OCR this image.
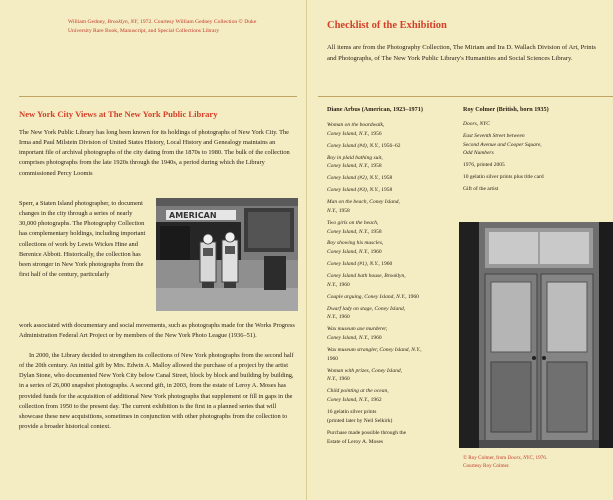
William Gedney, Brooklyn, NY, 1972. Courtesy William Gedney Collection © Duke University Rare Book, Manuscript, and Special Collections Library	Checklist of the Exhibition
All items are from the Photography Collection, The Miriam and Ira D. Wallach Division of Art, Prints and Photographs, of The New York Public Library's Humanities and Social Sciences Library.
New York City Views at The New York Public Library
The New York Public Library has long been known for its holdings of photographs of New York City. The Irma and Paul Milstein Division of United States History, Local History and Genealogy maintains an important file of archival photographs of the city dating from the 1870s to 1980. The bulk of the collection comprises photographs from the late 1920s through the 1940s, a period during which the Library commissioned Percy Loomis
Sperr, a Staten Island photographer, to document changes in the city through a series of nearly 30,000 photographs. The Photography Collection has complementary holdings, including important collections of work by Lewis Wickes Hine and Berenice Abbott. Historically, the collection has been stronger in New York photographs from the first half of the century, particularly
work associated with documentary and social movements, such as photographs made for the Works Progress Administration Federal Art Project or by members of the New York Photo League (1936–51).
In 2000, the Library decided to strengthen its collections of New York photographs from the second half of the 20th century. An initial gift by Mrs. Edwin A. Malloy allowed the purchase of a project by the artist Dylan Stone, who documented New York City below Canal Street, block by block and building by building, in a series of 26,000 snapshot photographs. A second gift, in 2003, from the estate of Leroy A. Moses has provided funds for the acquisition of additional New York photographs that supplement or fill in gaps in the collection from 1950 to the present day. The current exhibition is the first in a planned series that will showcase these new acquisitions, sometimes in conjunction with other photographs from the collection to provide a broader historical context.
AMERICAN
Diane Arbus (American, 1923–1971)
Woman on the boardwalk,
Coney Island, N.Y., 1956
Coney Island (#4), N.Y., 1956–62
Boy in plaid bathing suit,
Coney Island, N.Y., 1958
Coney Island (#2), N.Y., 1958
Coney Island (#3), N.Y., 1958
Man on the beach, Coney Island,
N.Y., 1958
Two girls on the beach,
Coney Island, N.Y., 1958
Boy showing his muscles,
Coney Island, N.Y., 1960
Coney Island (#1), N.Y., 1960
Coney Island bath house, Brooklyn,
N.Y., 1960
Couple arguing, Coney Island, N.Y., 1960
Dwarf lady on stage, Coney Island,
N.Y., 1960
Wax museum axe murderer,
Coney Island, N.Y., 1960
Wax museum strangler, Coney Island, N.Y.,
1960
Woman with prizes, Coney Island,
N.Y., 1960
Child pointing at the ocean,
Coney Island, N.Y., 1962
16 gelatin silver prints
(printed later by Neil Selkirk)
Purchase made possible through the
Estate of Leroy A. Moses
Roy Colmer (British, born 1935)
Doors, NYC
East Seventh Street between
Second Avenue and Cooper Square,
Odd Numbers
1976, printed 2005
10 gelatin silver prints plus title card
Gift of the artist
© Roy Colmer, from Doors, NYC, 1976.
Courtesy Roy Colmer.
